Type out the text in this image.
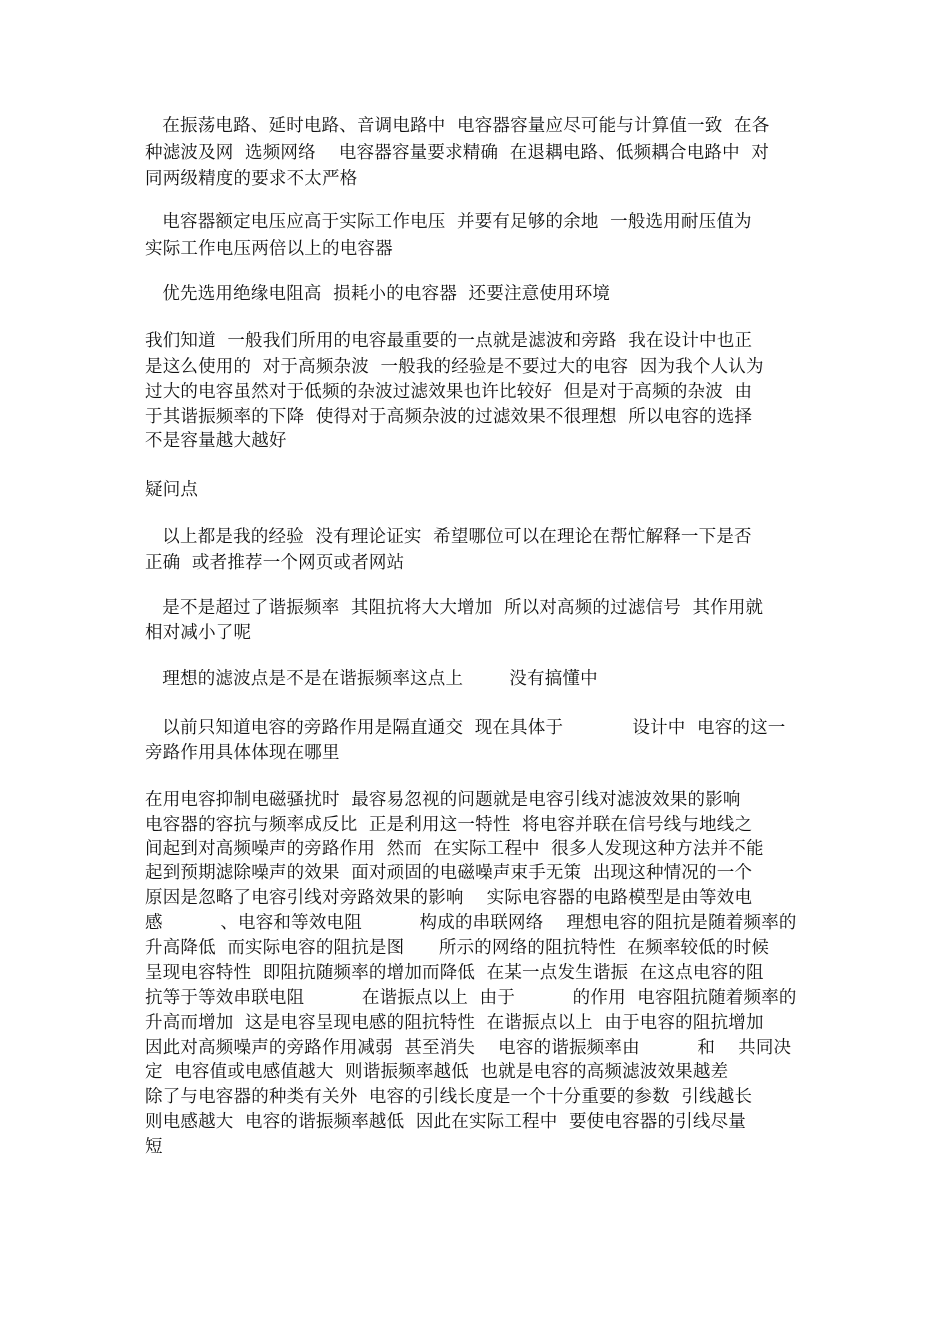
在振荡电路、延时电路、音调电路中  电容器容量应尽可能与计算值一致  在各
种滤波及网  选频网络    电容器容量要求精确  在退耦电路、低频耦合电路中  对
同两级精度的要求不太严格
电容器额定电压应高于实际工作电压  并要有足够的余地  一般选用耐压值为
实际工作电压两倍以上的电容器
优先选用绝缘电阻高  损耗小的电容器  还要注意使用环境
我们知道  一般我们所用的电容最重要的一点就是滤波和旁路  我在设计中也正
是这么使用的  对于高频杂波  一般我的经验是不要过大的电容  因为我个人认为
过大的电容虽然对于低频的杂波过滤效果也许比较好  但是对于高频的杂波  由
于其谐振频率的下降  使得对于高频杂波的过滤效果不很理想  所以电容的选择
不是容量越大越好
疑问点
以上都是我的经验  没有理论证实  希望哪位可以在理论在帮忙解释一下是否
正确  或者推荐一个网页或者网站
是不是超过了谐振频率  其阻抗将大大增加  所以对高频的过滤信号  其作用就
相对减小了呢
理想的滤波点是不是在谐振频率这点上        没有搞懂中
以前只知道电容的旁路作用是隔直通交  现在具体于            设计中  电容的这一
旁路作用具体体现在哪里
在用电容抑制电磁骚扰时  最容易忽视的问题就是电容引线对滤波效果的影响
电容器的容抗与频率成反比  正是利用这一特性  将电容并联在信号线与地线之
间起到对高频噪声的旁路作用  然而  在实际工程中  很多人发现这种方法并不能
起到预期滤除噪声的效果  面对顽固的电磁噪声束手无策  出现这种情况的一个
原因是忽略了电容引线对旁路效果的影响    实际电容器的电路模型是由等效电
感          、电容和等效电阻          构成的串联网络    理想电容的阻抗是随着频率的
升高降低  而实际电容的阻抗是图      所示的网络的阻抗特性  在频率较低的时候
呈现电容特性  即阻抗随频率的增加而降低  在某一点发生谐振  在这点电容的阻
抗等于等效串联电阻          在谐振点以上  由于          的作用  电容阻抗随着频率的
升高而增加  这是电容呈现电感的阻抗特性  在谐振点以上  由于电容的阻抗增加
因此对高频噪声的旁路作用减弱  甚至消失    电容的谐振频率由          和    共同决
定  电容值或电感值越大  则谐振频率越低  也就是电容的高频滤波效果越差
除了与电容器的种类有关外  电容的引线长度是一个十分重要的参数  引线越长
则电感越大  电容的谐振频率越低  因此在实际工程中  要使电容器的引线尽量
短
